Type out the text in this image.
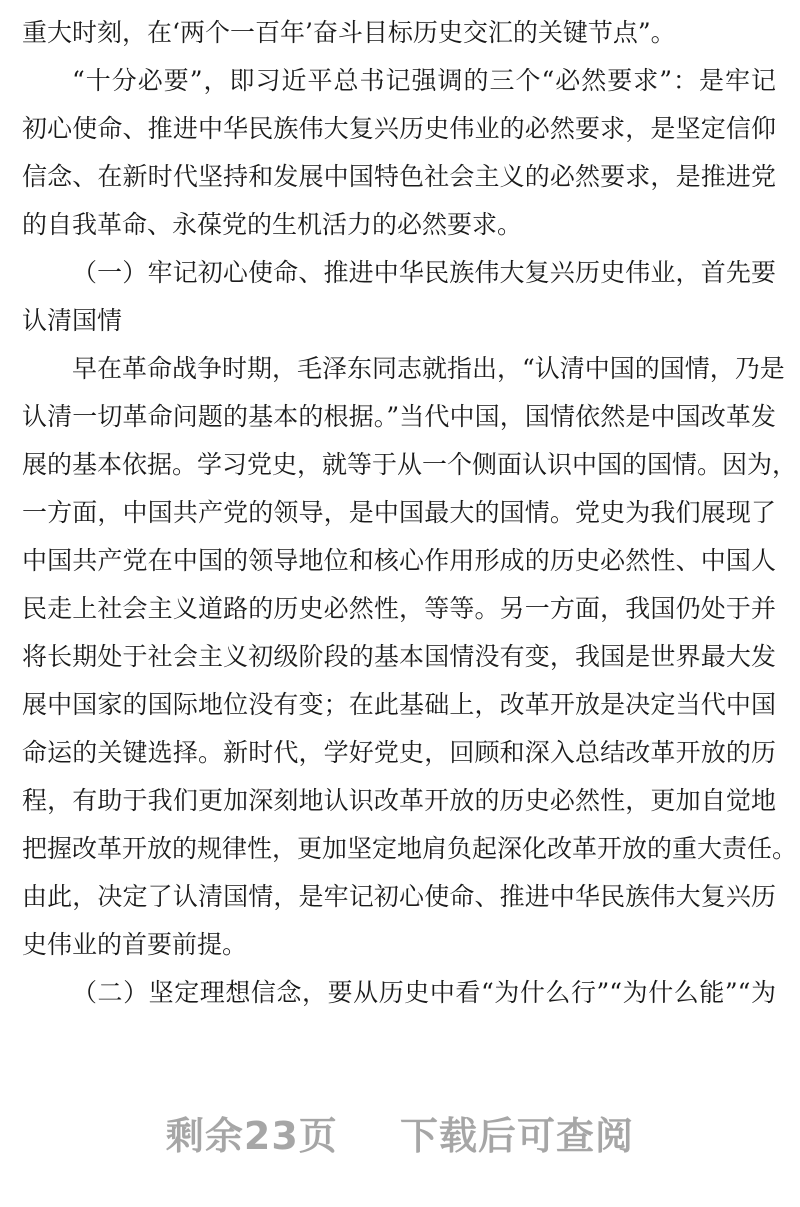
重大时刻，在‘两个一百年’奋斗目标历史交汇的关键节点”。
“十分必要”，即习近平总书记强调的三个“必然要求”：是牢记
初心使命、推进中华民族伟大复兴历史伟业的必然要求，是坚定信仰
信念、在新时代坚持和发展中国特色社会主义的必然要求，是推进党
的自我革命、永葆党的生机活力的必然要求。
（一）牢记初心使命、推进中华民族伟大复兴历史伟业，首先要
认清国情
早在革命战争时期，毛泽东同志就指出，“认清中国的国情，乃是
认清一切革命问题的基本的根据。”当代中国，国情依然是中国改革发
展的基本依据。学习党史，就等于从一个侧面认识中国的国情。因为，
一方面，中国共产党的领导，是中国最大的国情。党史为我们展现了
中国共产党在中国的领导地位和核心作用形成的历史必然性、中国人
民走上社会主义道路的历史必然性，等等。另一方面，我国仍处于并
将长期处于社会主义初级阶段的基本国情没有变，我国是世界最大发
展中国家的国际地位没有变；在此基础上，改革开放是决定当代中国
命运的关键选择。新时代，学好党史，回顾和深入总结改革开放的历
程，有助于我们更加深刻地认识改革开放的历史必然性，更加自觉地
把握改革开放的规律性，更加坚定地肩负起深化改革开放的重大责任。
由此，决定了认清国情，是牢记初心使命、推进中华民族伟大复兴历
史伟业的首要前提。
（二）坚定理想信念，要从历史中看“为什么行”“为什么能”“为
剩余23页 下载后可查阅
